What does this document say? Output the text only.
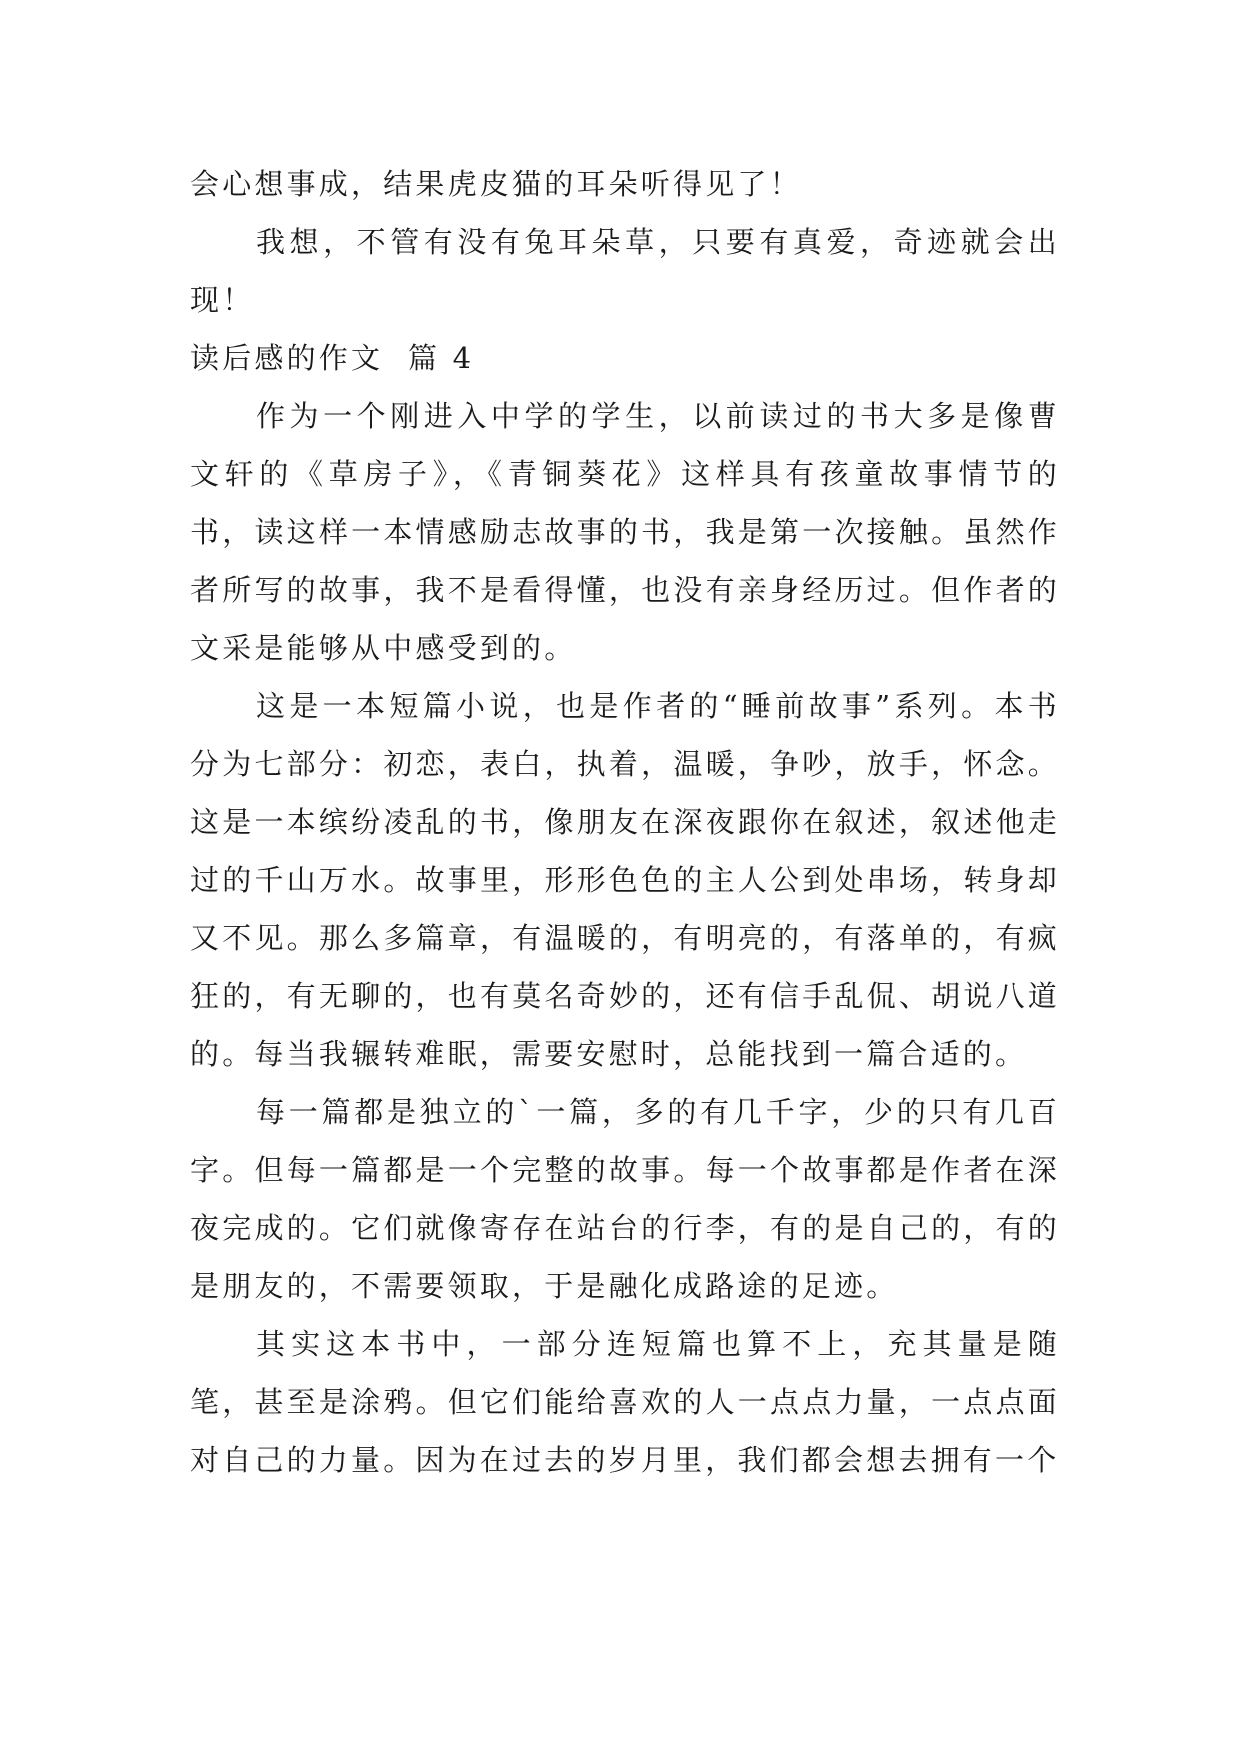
会心想事成，结果虎皮猫的耳朵听得见了！

我想，不管有没有兔耳朵草，只要有真爱，奇迹就会出现！

读后感的作文  篇 4

作为一个刚进入中学的学生，以前读过的书大多是像曹文轩的《草房子》，《青铜葵花》这样具有孩童故事情节的书，读这样一本情感励志故事的书，我是第一次接触。虽然作者所写的故事，我不是看得懂，也没有亲身经历过。但作者的文采是能够从中感受到的。

这是一本短篇小说，也是作者的“睡前故事”系列。本书分为七部分：初恋，表白，执着，温暖，争吵，放手，怀念。这是一本缤纷凌乱的书，像朋友在深夜跟你在叙述，叙述他走过的千山万水。故事里，形形色色的主人公到处串场，转身却又不见。那么多篇章，有温暖的，有明亮的，有落单的，有疯狂的，有无聊的，也有莫名奇妙的，还有信手乱侃、胡说八道的。每当我辗转难眠，需要安慰时，总能找到一篇合适的。

每一篇都是独立的`一篇，多的有几千字，少的只有几百字。但每一篇都是一个完整的故事。每一个故事都是作者在深夜完成的。它们就像寄存在站台的行李，有的是自己的，有的是朋友的，不需要领取，于是融化成路途的足迹。

其实这本书中，一部分连短篇也算不上，充其量是随笔，甚至是涂鸦。但它们能给喜欢的人一点点力量，一点点面对自己的力量。因为在过去的岁月里，我们都会想去拥有一个
